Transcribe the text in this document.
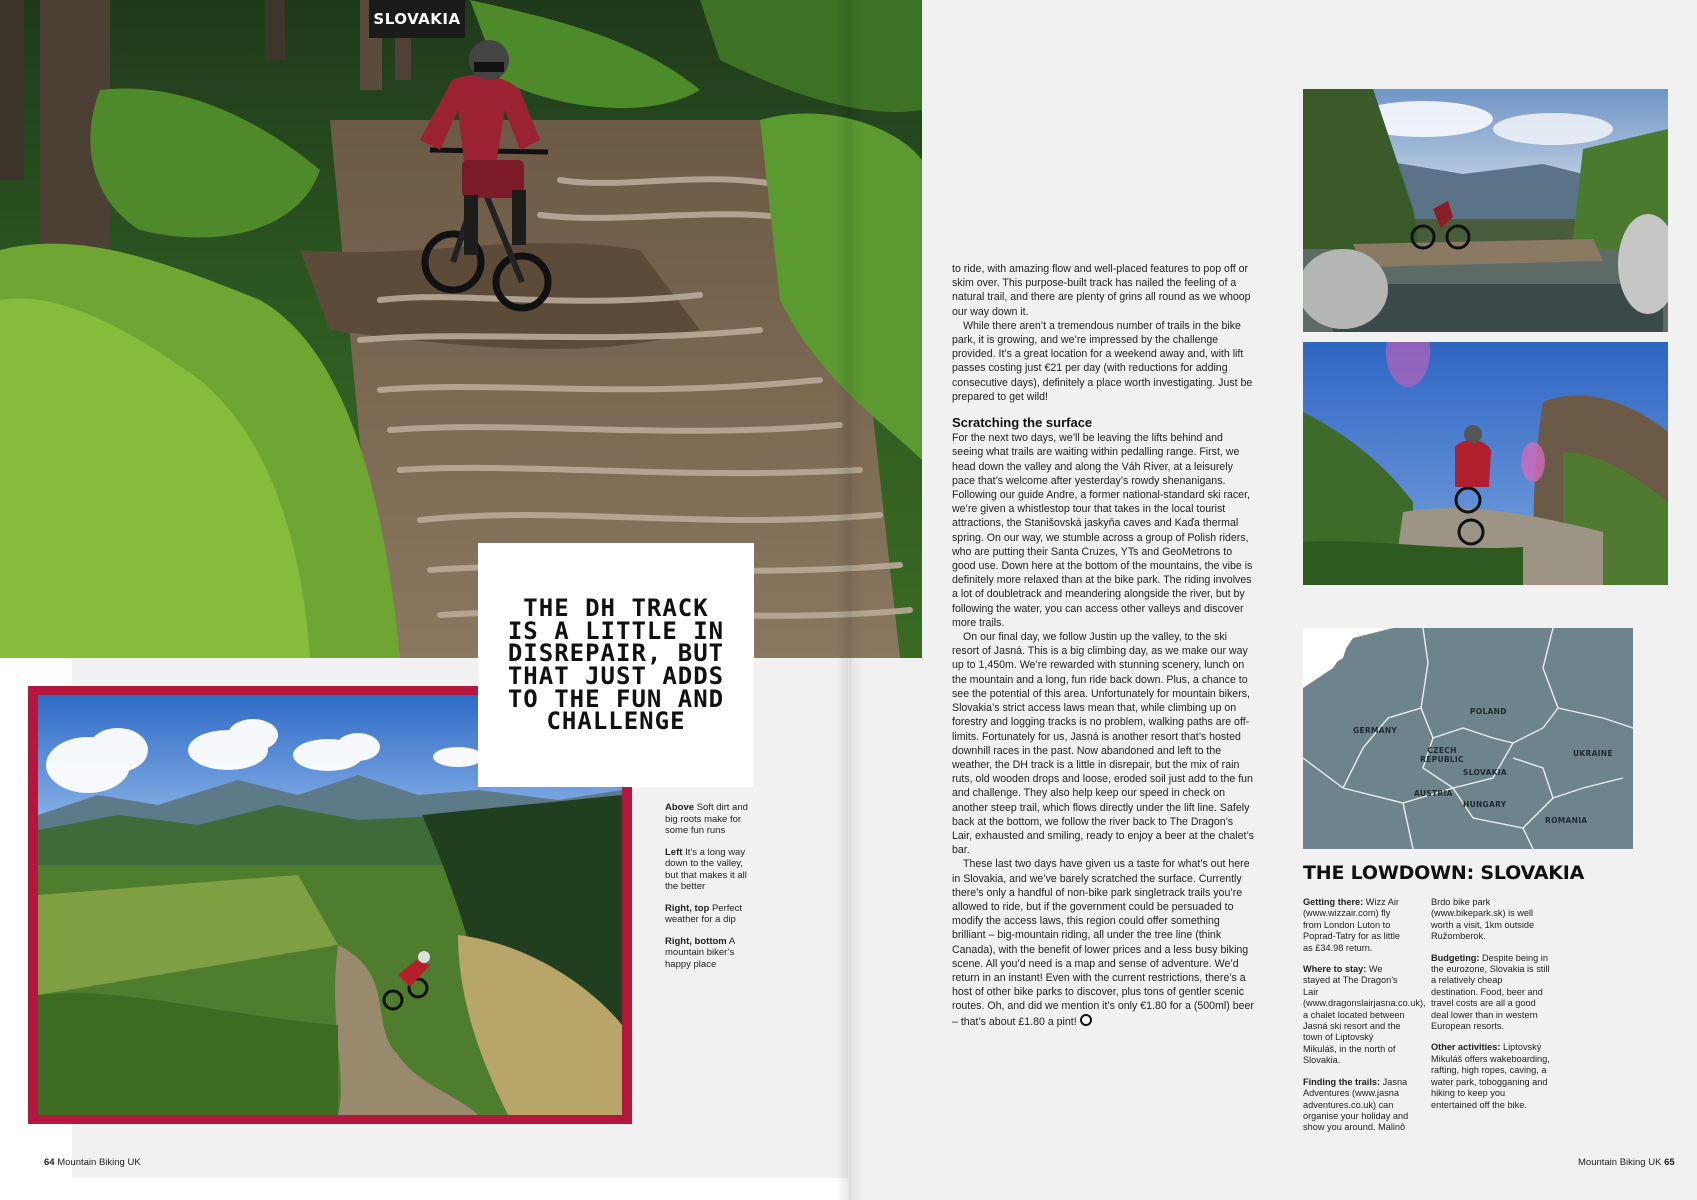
SLOVAKIA
THE DH TRACK IS A LITTLE IN DISREPAIR, BUT THAT JUST ADDS TO THE FUN AND CHALLENGE
Above Soft dirt and big roots make for some fun runs
Left It’s a long way down to the valley, but that makes it all the better
Right, top Perfect weather for a dip
Right, bottom A mountain biker’s happy place
64 Mountain Biking UK	Mountain Biking UK 65

to ride, with amazing flow and well-placed features to pop off or skim over. This purpose-built track has nailed the feeling of a natural trail, and there are plenty of grins all round as we whoop our way down it.

While there aren’t a tremendous number of trails in the bike park, it is growing, and we’re impressed by the challenge provided. It’s a great location for a weekend away and, with lift passes costing just €21 per day (with reductions for adding consecutive days), definitely a place worth investigating. Just be prepared to get wild!

Scratching the surface

For the next two days, we’ll be leaving the lifts behind and seeing what trails are waiting within pedalling range. First, we head down the valley and along the Váh River, at a leisurely pace that’s welcome after yesterday’s rowdy shenanigans. Following our guide Andre, a former national-standard ski racer, we’re given a whistlestop tour that takes in the local tourist attractions, the Stanišovská jaskyňa caves and Kaďa thermal spring. On our way, we stumble across a group of Polish riders, who are putting their Santa Cruzes, YTs and GeoMetrons to good use. Down here at the bottom of the mountains, the vibe is definitely more relaxed than at the bike park. The riding involves a lot of doubletrack and meandering alongside the river, but by following the water, you can access other valleys and discover more trails.

On our final day, we follow Justin up the valley, to the ski resort of Jasná. This is a big climbing day, as we make our way up to 1,450m. We’re rewarded with stunning scenery, lunch on the mountain and a long, fun ride back down. Plus, a chance to see the potential of this area. Unfortunately for mountain bikers, Slovakia’s strict access laws mean that, while climbing up on forestry and logging tracks is no problem, walking paths are off-limits. Fortunately for us, Jasná is another resort that’s hosted downhill races in the past. Now abandoned and left to the weather, the DH track is a little in disrepair, but the mix of rain ruts, old wooden drops and loose, eroded soil just add to the fun and challenge. They also help keep our speed in check on another steep trail, which flows directly under the lift line. Safely back at the bottom, we follow the river back to The Dragon’s Lair, exhausted and smiling, ready to enjoy a beer at the chalet’s bar.

These last two days have given us a taste for what’s out here in Slovakia, and we’ve barely scratched the surface. Currently there’s only a handful of non-bike park singletrack trails you’re allowed to ride, but if the government could be persuaded to modify the access laws, this region could offer something brilliant – big-mountain riding, all under the tree line (think Canada), with the benefit of lower prices and a less busy biking scene. All you’d need is a map and sense of adventure. We’d return in an instant! Even with the current restrictions, there’s a host of other bike parks to discover, plus tons of gentler scenic routes. Oh, and did we mention it’s only €1.80 for a (500ml) beer – that’s about £1.80 a pint!

GERMANY
POLAND
CZECH REPUBLIC
SLOVAKIA
AUSTRIA
HUNGARY
UKRAINE
ROMANIA
THE LOWDOWN: SLOVAKIA
Getting there: Wizz Air (www.wizzair.com) fly from London Luton to Poprad-Tatry for as little as £34.98 return.
Where to stay: We stayed at The Dragon’s Lair (www.dragonslairjasna.co.uk), a chalet located between Jasná ski resort and the town of Liptovský Mikuláš, in the north of Slovakia.
Finding the trails: Jasna Adventures (www.jasna adventures.co.uk) can organise your holiday and show you around. Malinô
Brdo bike park (www.bikepark.sk) is well worth a visit, 1km outside Ružomberok.
Budgeting: Despite being in the eurozone, Slovakia is still a relatively cheap destination. Food, beer and travel costs are all a good deal lower than in western European resorts.
Other activities: Liptovský Mikuláš offers wakeboarding, rafting, high ropes, caving, a water park, tobogganing and hiking to keep you entertained off the bike.
